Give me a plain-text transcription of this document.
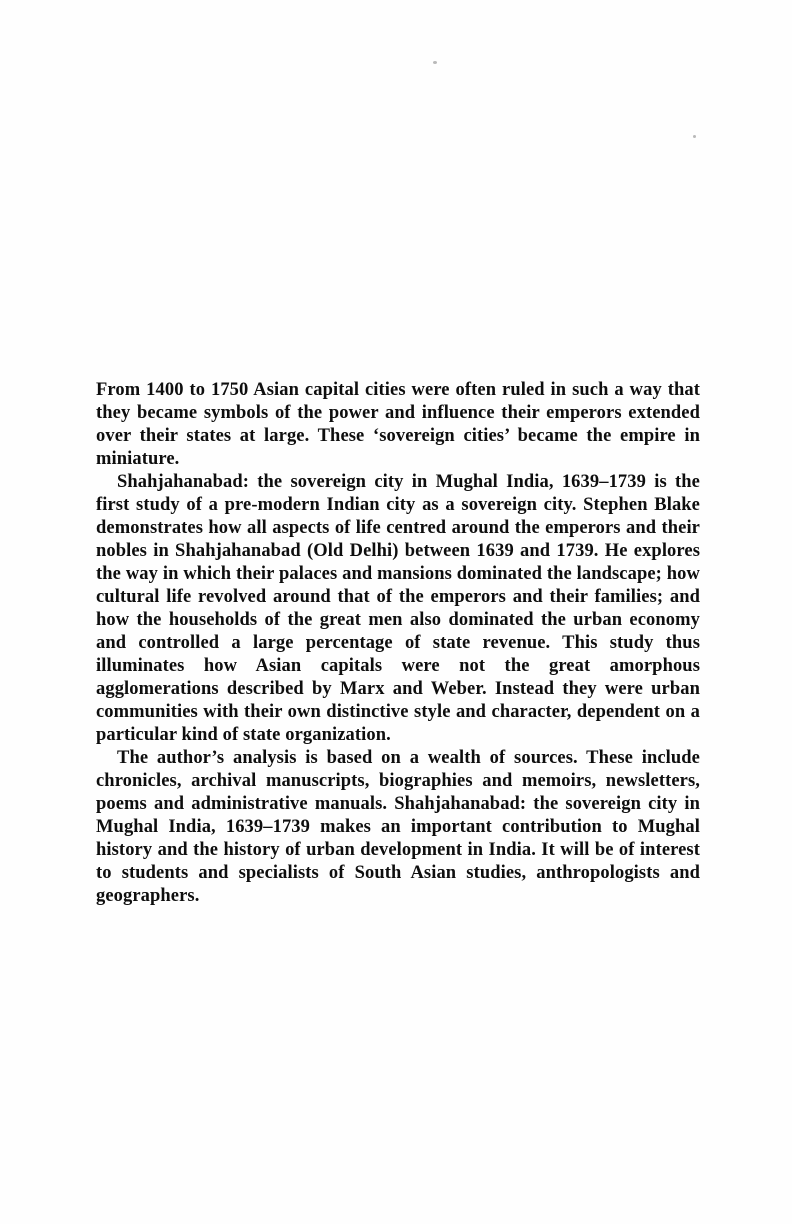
From 1400 to 1750 Asian capital cities were often ruled in such a way that they became symbols of the power and influence their emperors extended over their states at large. These ‘sovereign cities’ became the empire in miniature.

Shahjahanabad: the sovereign city in Mughal India, 1639–1739 is the first study of a pre-modern Indian city as a sovereign city. Stephen Blake demonstrates how all aspects of life centred around the emperors and their nobles in Shahjahanabad (Old Delhi) between 1639 and 1739. He explores the way in which their palaces and mansions dominated the landscape; how cultural life revolved around that of the emperors and their families; and how the households of the great men also dominated the urban economy and controlled a large percentage of state revenue. This study thus illuminates how Asian capitals were not the great amorphous agglomerations described by Marx and Weber. Instead they were urban communities with their own distinctive style and character, dependent on a particular kind of state organization.

The author’s analysis is based on a wealth of sources. These include chronicles, archival manuscripts, biographies and memoirs, newsletters, poems and administrative manuals. Shahjahanabad: the sovereign city in Mughal India, 1639–1739 makes an important contribution to Mughal history and the history of urban development in India. It will be of interest to students and specialists of South Asian studies, anthropologists and geographers.
